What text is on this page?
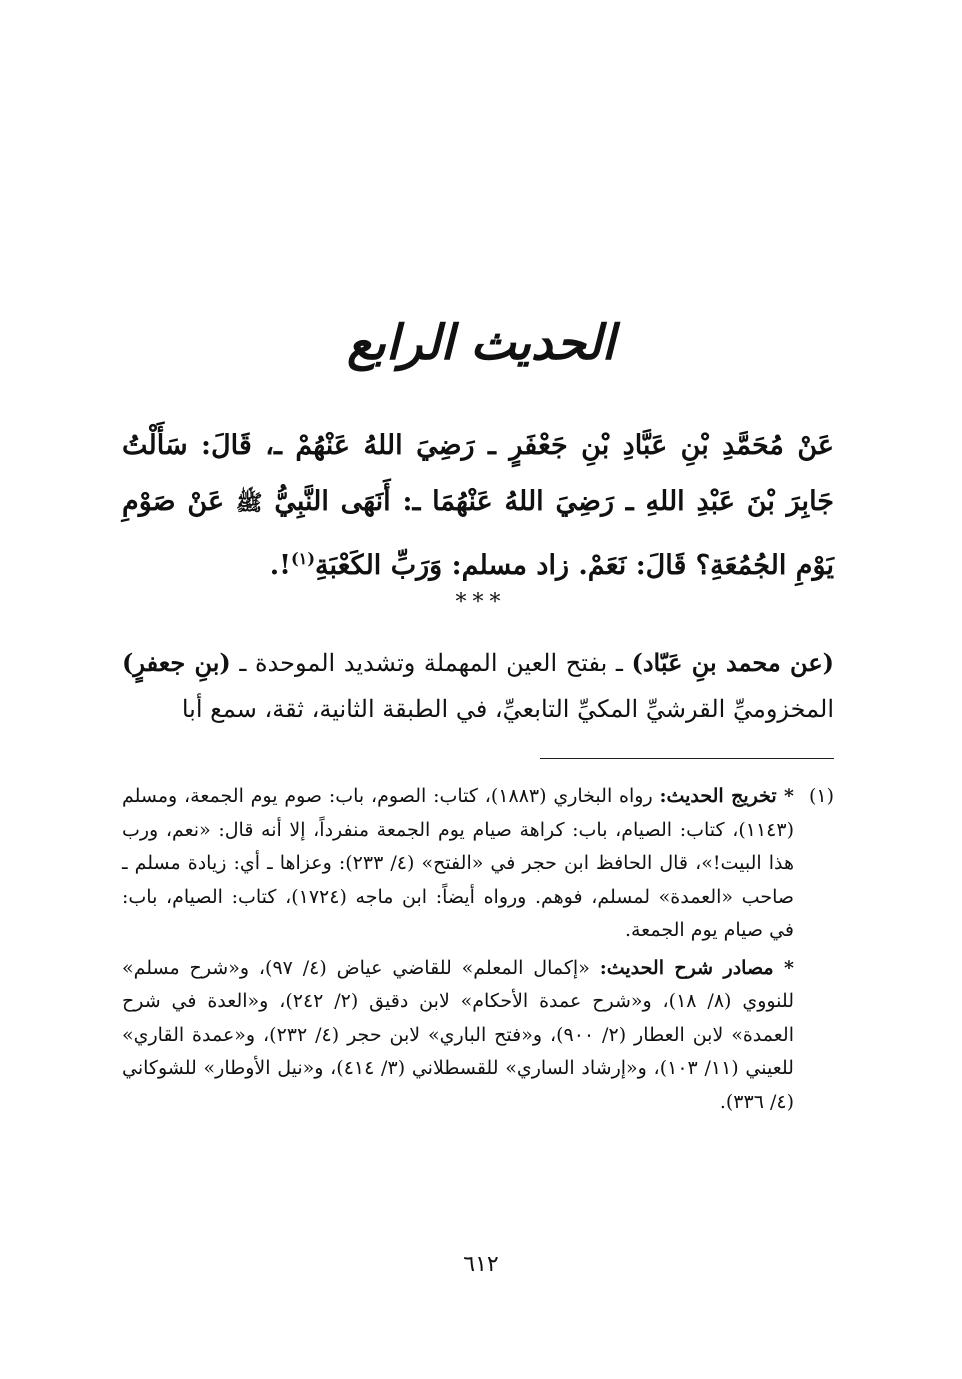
الحديث الرابع

عَنْ مُحَمَّدِ بْنِ عَبَّادِ بْنِ جَعْفَرٍ ـ رَضِيَ اللهُ عَنْهُمْ ـ، قَالَ: سَأَلْتُ جَابِرَ بْنَ عَبْدِ اللهِ ـ رَضِيَ اللهُ عَنْهُمَا ـ: أَنَهَى النَّبِيُّ ﷺ عَنْ صَوْمِ يَوْمِ الجُمُعَةِ؟ قَالَ: نَعَمْ. زاد مسلم: وَرَبِّ الكَعْبَةِ$^{(١)}$!.

***

(عن محمد بنِ عَبّاد) ـ بفتح العين المهملة وتشديد الموحدة ـ (بنِ جعفرٍ) المخزوميِّ القرشيِّ المكيِّ التابعيِّ، في الطبقة الثانية، ثقة، سمع أبا

(١)

* تخريج الحديث: رواه البخاري (١٨٨٣)، كتاب: الصوم، باب: صوم يوم الجمعة، ومسلم (١١٤٣)، كتاب: الصيام، باب: كراهة صيام يوم الجمعة منفرداً، إلا أنه قال: «نعم، ورب هذا البيت!»، قال الحافظ ابن حجر في «الفتح» (٤/ ٢٣٣): وعزاها ـ أي: زيادة مسلم ـ صاحب «العمدة» لمسلم، فوهم. ورواه أيضاً: ابن ماجه (١٧٢٤)، كتاب: الصيام، باب: في صيام يوم الجمعة.

* مصادر شرح الحديث: «إكمال المعلم» للقاضي عياض (٤/ ٩٧)، و«شرح مسلم» للنووي (٨/ ١٨)، و«شرح عمدة الأحكام» لابن دقيق (٢/ ٢٤٢)، و«العدة في شرح العمدة» لابن العطار (٢/ ٩٠٠)، و«فتح الباري» لابن حجر (٤/ ٢٣٢)، و«عمدة القاري» للعيني (١١/ ١٠٣)، و«إرشاد الساري» للقسطلاني (٣/ ٤١٤)، و«نيل الأوطار» للشوكاني (٤/ ٣٣٦).

٦١٢
